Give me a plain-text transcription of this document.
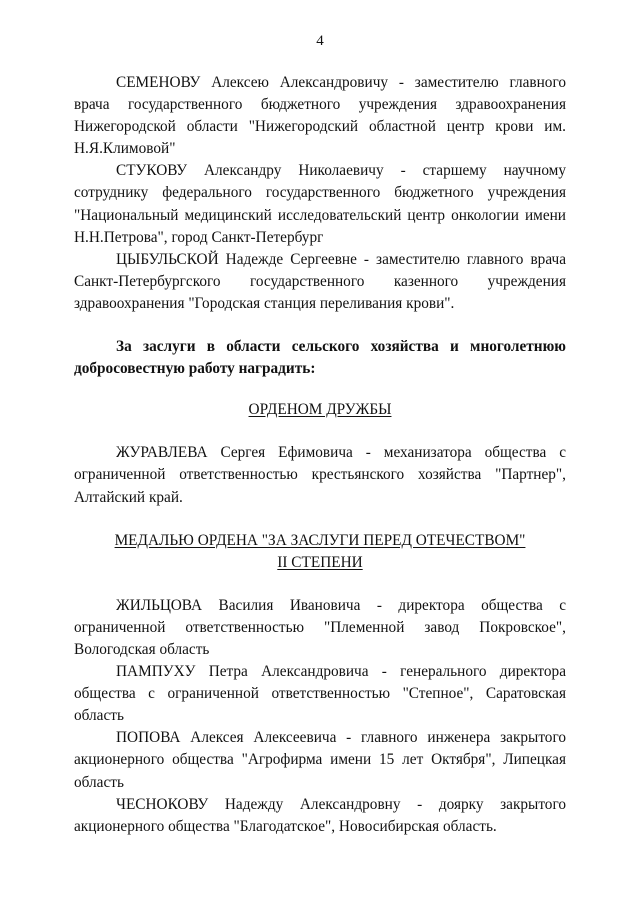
4

СЕМЕНОВУ Алексею Александровичу - заместителю главного врача государственного бюджетного учреждения здравоохранения Нижегородской области "Нижегородский областной центр крови им. Н.Я.Климовой"

СТУКОВУ Александру Николаевичу - старшему научному сотруднику федерального государственного бюджетного учреждения "Национальный медицинский исследовательский центр онкологии имени Н.Н.Петрова", город Санкт-Петербург

ЦЫБУЛЬСКОЙ Надежде Сергеевне - заместителю главного врача Санкт-Петербургского государственного казенного учреждения здравоохранения "Городская станция переливания крови".

За заслуги в области сельского хозяйства и многолетнюю добросовестную работу наградить:

ОРДЕНОМ ДРУЖБЫ

ЖУРАВЛЕВА Сергея Ефимовича - механизатора общества с ограниченной ответственностью крестьянского хозяйства "Партнер", Алтайский край.

МЕДАЛЬЮ ОРДЕНА "ЗА ЗАСЛУГИ ПЕРЕД ОТЕЧЕСТВОМ"

II СТЕПЕНИ

ЖИЛЬЦОВА Василия Ивановича - директора общества с ограниченной ответственностью "Племенной завод Покровское", Вологодская область

ПАМПУХУ Петра Александровича - генерального директора общества с ограниченной ответственностью "Степное", Саратовская область

ПОПОВА Алексея Алексеевича - главного инженера закрытого акционерного общества "Агрофирма имени 15 лет Октября", Липецкая область

ЧЕСНОКОВУ Надежду Александровну - доярку закрытого акционерного общества "Благодатское", Новосибирская область.
